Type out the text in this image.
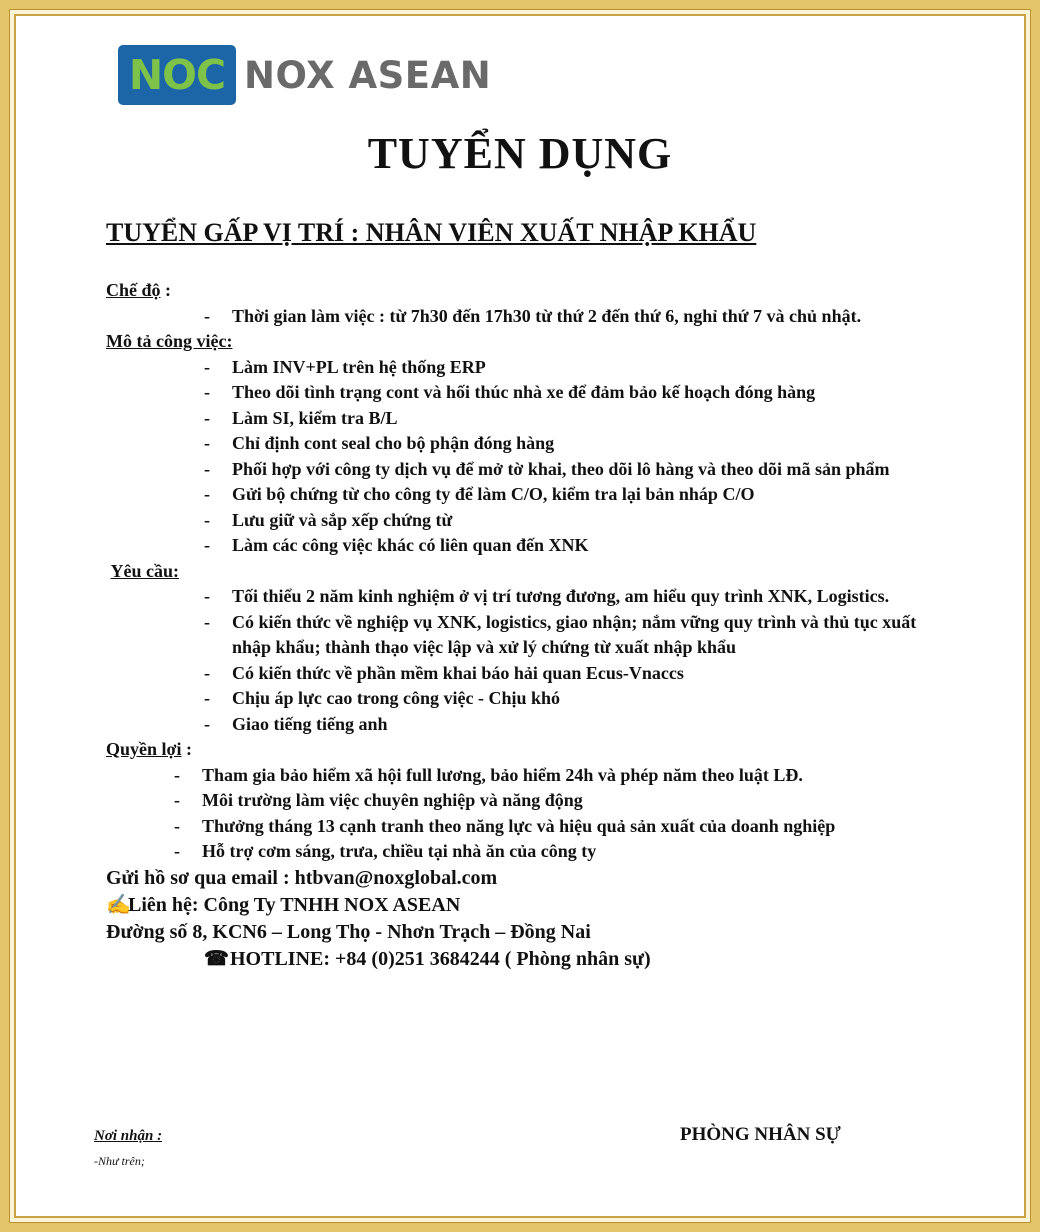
NOC NOX ASEAN
TUYỂN DỤNG
TUYỂN GẤP VỊ TRÍ : NHÂN VIÊN XUẤT NHẬP KHẨU
Chế độ :
- Thời gian làm việc : từ 7h30 đến 17h30 từ thứ 2 đến thứ 6, nghỉ thứ 7 và chủ nhật.
Mô tả công việc:
- Làm INV+PL trên hệ thống ERP
- Theo dõi tình trạng cont và hối thúc nhà xe để đảm bảo kế hoạch đóng hàng
- Làm SI, kiểm tra B/L
- Chỉ định cont seal cho bộ phận đóng hàng
- Phối hợp với công ty dịch vụ để mở tờ khai, theo dõi lô hàng và theo dõi mã sản phẩm
- Gửi bộ chứng từ cho công ty để làm C/O, kiểm tra lại bản nháp C/O
- Lưu giữ và sắp xếp chứng từ
- Làm các công việc khác có liên quan đến XNK
Yêu cầu:
- Tối thiểu 2 năm kinh nghiệm ở vị trí tương đương, am hiểu quy trình XNK, Logistics.
- Có kiến thức về nghiệp vụ XNK, logistics, giao nhận; nắm vững quy trình và thủ tục xuất nhập khẩu; thành thạo việc lập và xử lý chứng từ xuất nhập khẩu
- Có kiến thức về phần mềm khai báo hải quan Ecus-Vnaccs
- Chịu áp lực cao trong công việc - Chịu khó
- Giao tiếng tiếng anh
Quyền lợi :
- Tham gia bảo hiểm xã hội full lương, bảo hiểm 24h và phép năm theo luật LĐ.
- Môi trường làm việc chuyên nghiệp và năng động
- Thưởng tháng 13 cạnh tranh theo năng lực và hiệu quả sản xuất của doanh nghiệp
- Hỗ trợ cơm sáng, trưa, chiều tại nhà ăn của công ty
Gửi hồ sơ qua email : htbvan@noxglobal.com
✍Liên hệ: Công Ty TNHH NOX ASEAN
Đường số 8, KCN6 – Long Thọ - Nhơn Trạch – Đồng Nai
☎HOTLINE: +84 (0)251 3684244 ( Phòng nhân sự)
Nơi nhận :
-Như trên;
PHÒNG NHÂN SỰ
